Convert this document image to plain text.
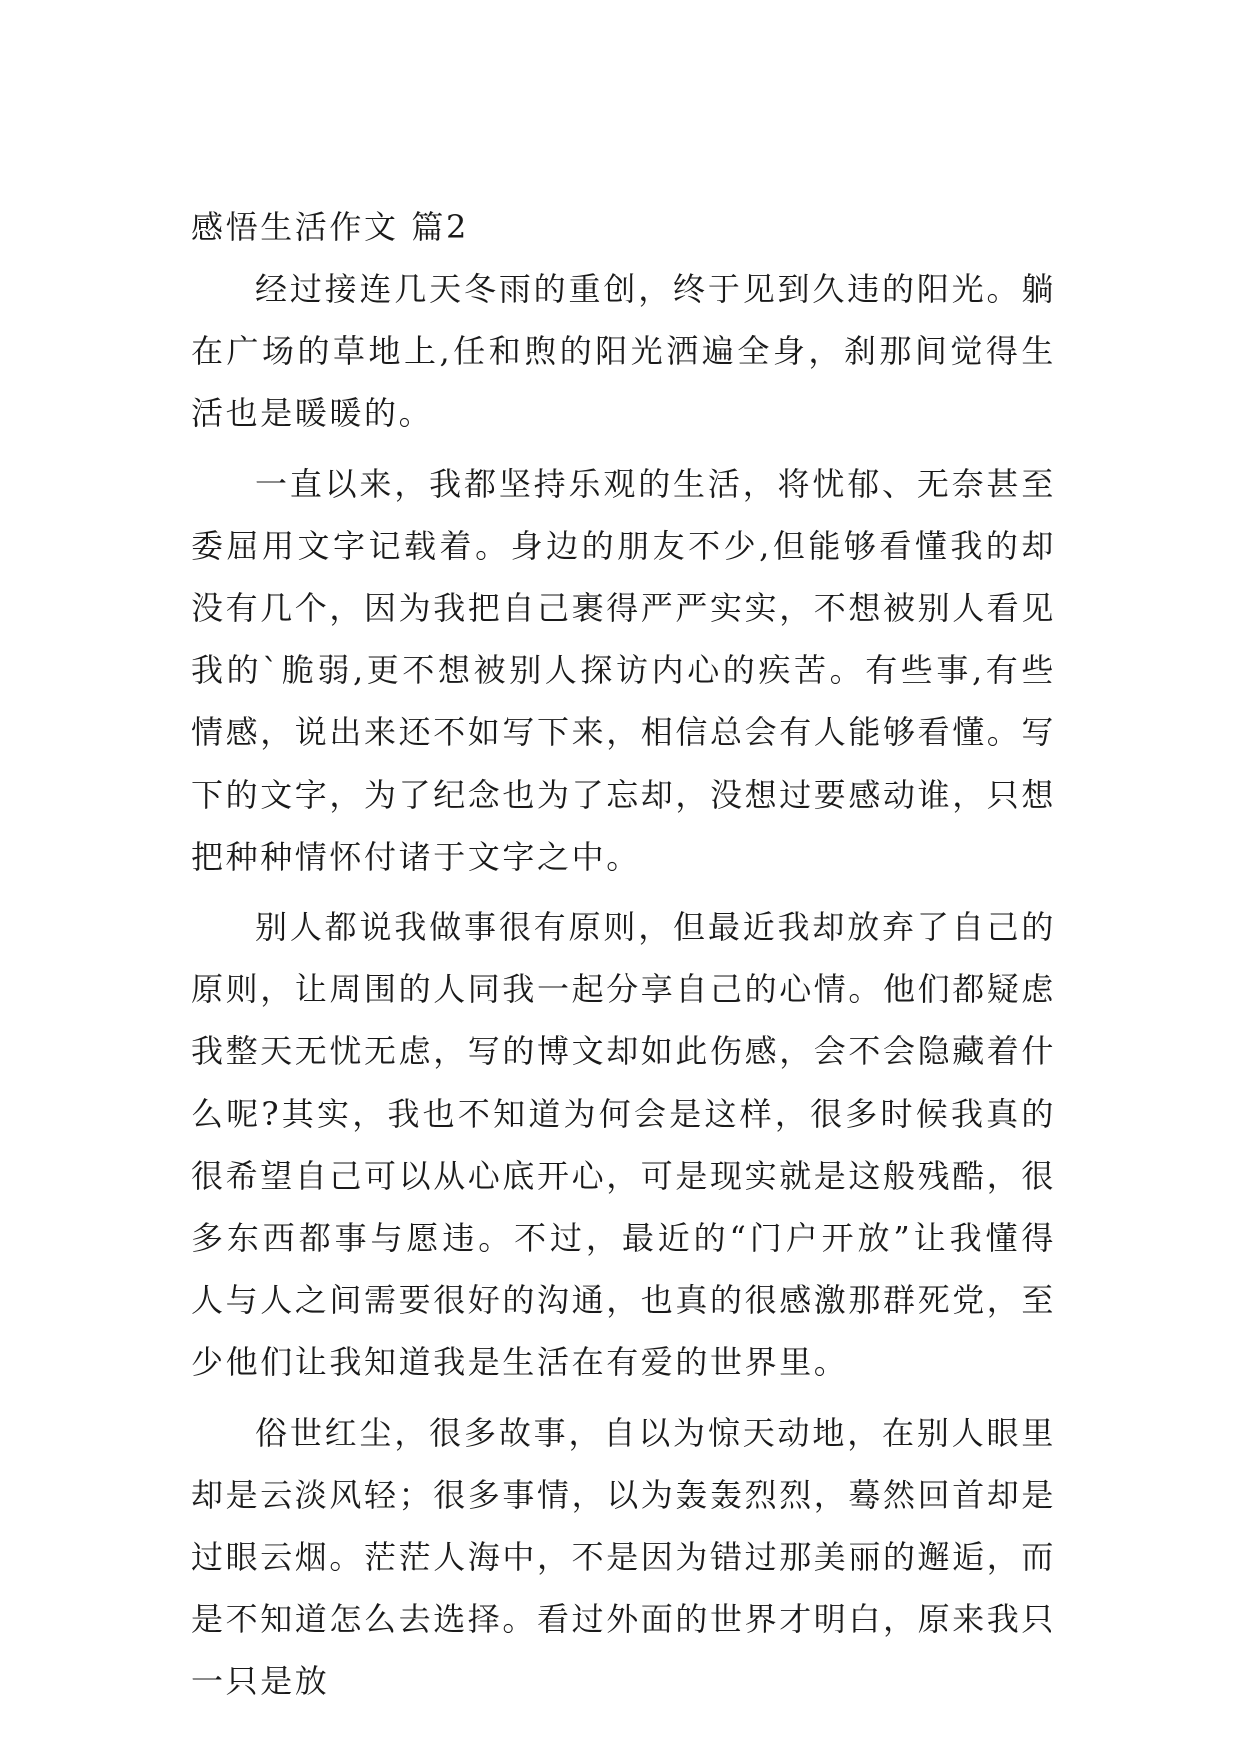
感悟生活作文 篇2

经过接连几天冬雨的重创，终于见到久违的阳光。躺在广场的草地上,任和煦的阳光洒遍全身，刹那间觉得生活也是暖暖的。

一直以来，我都坚持乐观的生活，将忧郁、无奈甚至委屈用文字记载着。身边的朋友不少,但能够看懂我的却没有几个，因为我把自己裹得严严实实，不想被别人看见我的`脆弱,更不想被别人探访内心的疾苦。有些事,有些情感，说出来还不如写下来，相信总会有人能够看懂。写下的文字，为了纪念也为了忘却，没想过要感动谁，只想把种种情怀付诸于文字之中。

别人都说我做事很有原则，但最近我却放弃了自己的原则，让周围的人同我一起分享自己的心情。他们都疑虑我整天无忧无虑，写的博文却如此伤感，会不会隐藏着什么呢?其实，我也不知道为何会是这样，很多时候我真的很希望自己可以从心底开心，可是现实就是这般残酷，很多东西都事与愿违。不过，最近的“门户开放”让我懂得人与人之间需要很好的沟通，也真的很感激那群死党，至少他们让我知道我是生活在有爱的世界里。

俗世红尘，很多故事，自以为惊天动地，在别人眼里却是云淡风轻；很多事情，以为轰轰烈烈，蓦然回首却是过眼云烟。茫茫人海中，不是因为错过那美丽的邂逅，而是不知道怎么去选择。看过外面的世界才明白，原来我只一只是放
